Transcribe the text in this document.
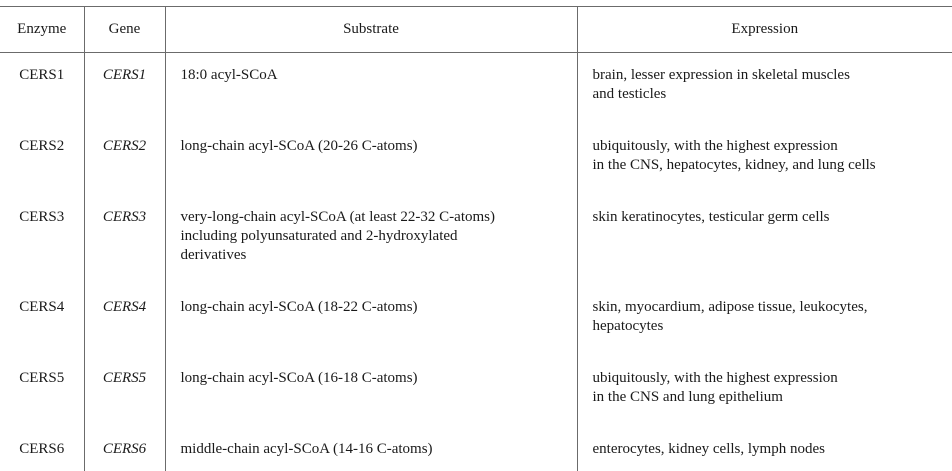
Enzyme	Gene	Substrate	Expression
CERS1	CERS1	18:0 acyl-SCoA	brain, lesser expression in skeletal muscles
and testicles

CERS2	CERS2	long-chain acyl-SCoA (20-26 C-atoms)	ubiquitously, with the highest expression
in the CNS, hepatocytes, kidney, and lung cells

CERS3	CERS3	very-long-chain acyl-SCoA (at least 22-32 C-atoms)
including polyunsaturated and 2-hydroxylated
derivatives	skin keratinocytes, testicular germ cells

CERS4	CERS4	long-chain acyl-SCoA (18-22 C-atoms)	skin, myocardium, adipose tissue, leukocytes,
hepatocytes

CERS5	CERS5	long-chain acyl-SCoA (16-18 C-atoms)	ubiquitously, with the highest expression
in the CNS and lung epithelium

CERS6	CERS6	middle-chain acyl-SCoA (14-16 C-atoms)	enterocytes, kidney cells, lymph nodes
